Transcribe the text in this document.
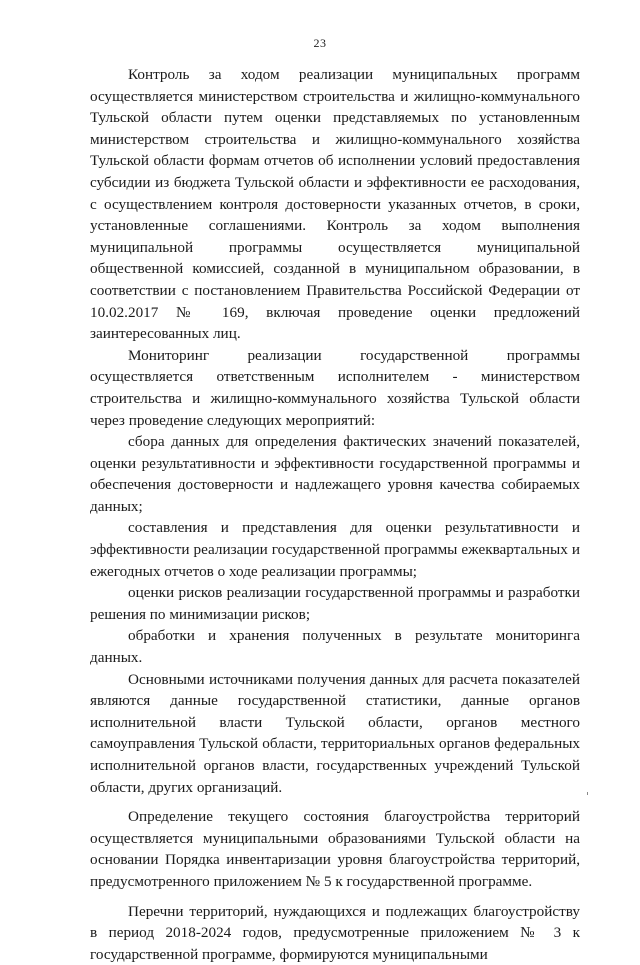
23

Контроль за ходом реализации муниципальных программ осуществляется министерством строительства и жилищно-коммунального Тульской области путем оценки представляемых по установленным министерством строительства и жилищно-коммунального хозяйства Тульской области формам отчетов об исполнении условий предоставления субсидии из бюджета Тульской области и эффективности ее расходования, с осуществлением контроля достоверности указанных отчетов, в сроки, установленные соглашениями. Контроль за ходом выполнения муниципальной программы осуществляется муниципальной общественной комиссией, созданной в муниципальном образовании, в соответствии с постановлением Правительства Российской Федерации от 10.02.2017 № 169, включая проведение оценки предложений заинтересованных лиц.

Мониторинг реализации государственной программы осуществляется ответственным исполнителем - министерством строительства и жилищно-коммунального хозяйства Тульской области через проведение следующих мероприятий:

сбора данных для определения фактических значений показателей, оценки результативности и эффективности государственной программы и обеспечения достоверности и надлежащего уровня качества собираемых данных;

составления и представления для оценки результативности и эффективности реализации государственной программы ежеквартальных и ежегодных отчетов о ходе реализации программы;

оценки рисков реализации государственной программы и разработки решения по минимизации рисков;

обработки и хранения полученных в результате мониторинга данных.

Основными источниками получения данных для расчета показателей являются данные государственной статистики, данные органов исполнительной власти Тульской области, органов местного самоуправления Тульской области, территориальных органов федеральных исполнительной органов власти, государственных учреждений Тульской области, других организаций.

Определение текущего состояния благоустройства территорий осуществляется муниципальными образованиями Тульской области на основании Порядка инвентаризации уровня благоустройства территорий, предусмотренного приложением № 5 к государственной программе.

Перечни территорий, нуждающихся и подлежащих благоустройству в период 2018-2024 годов, предусмотренные приложением № 3 к государственной программе, формируются муниципальными
